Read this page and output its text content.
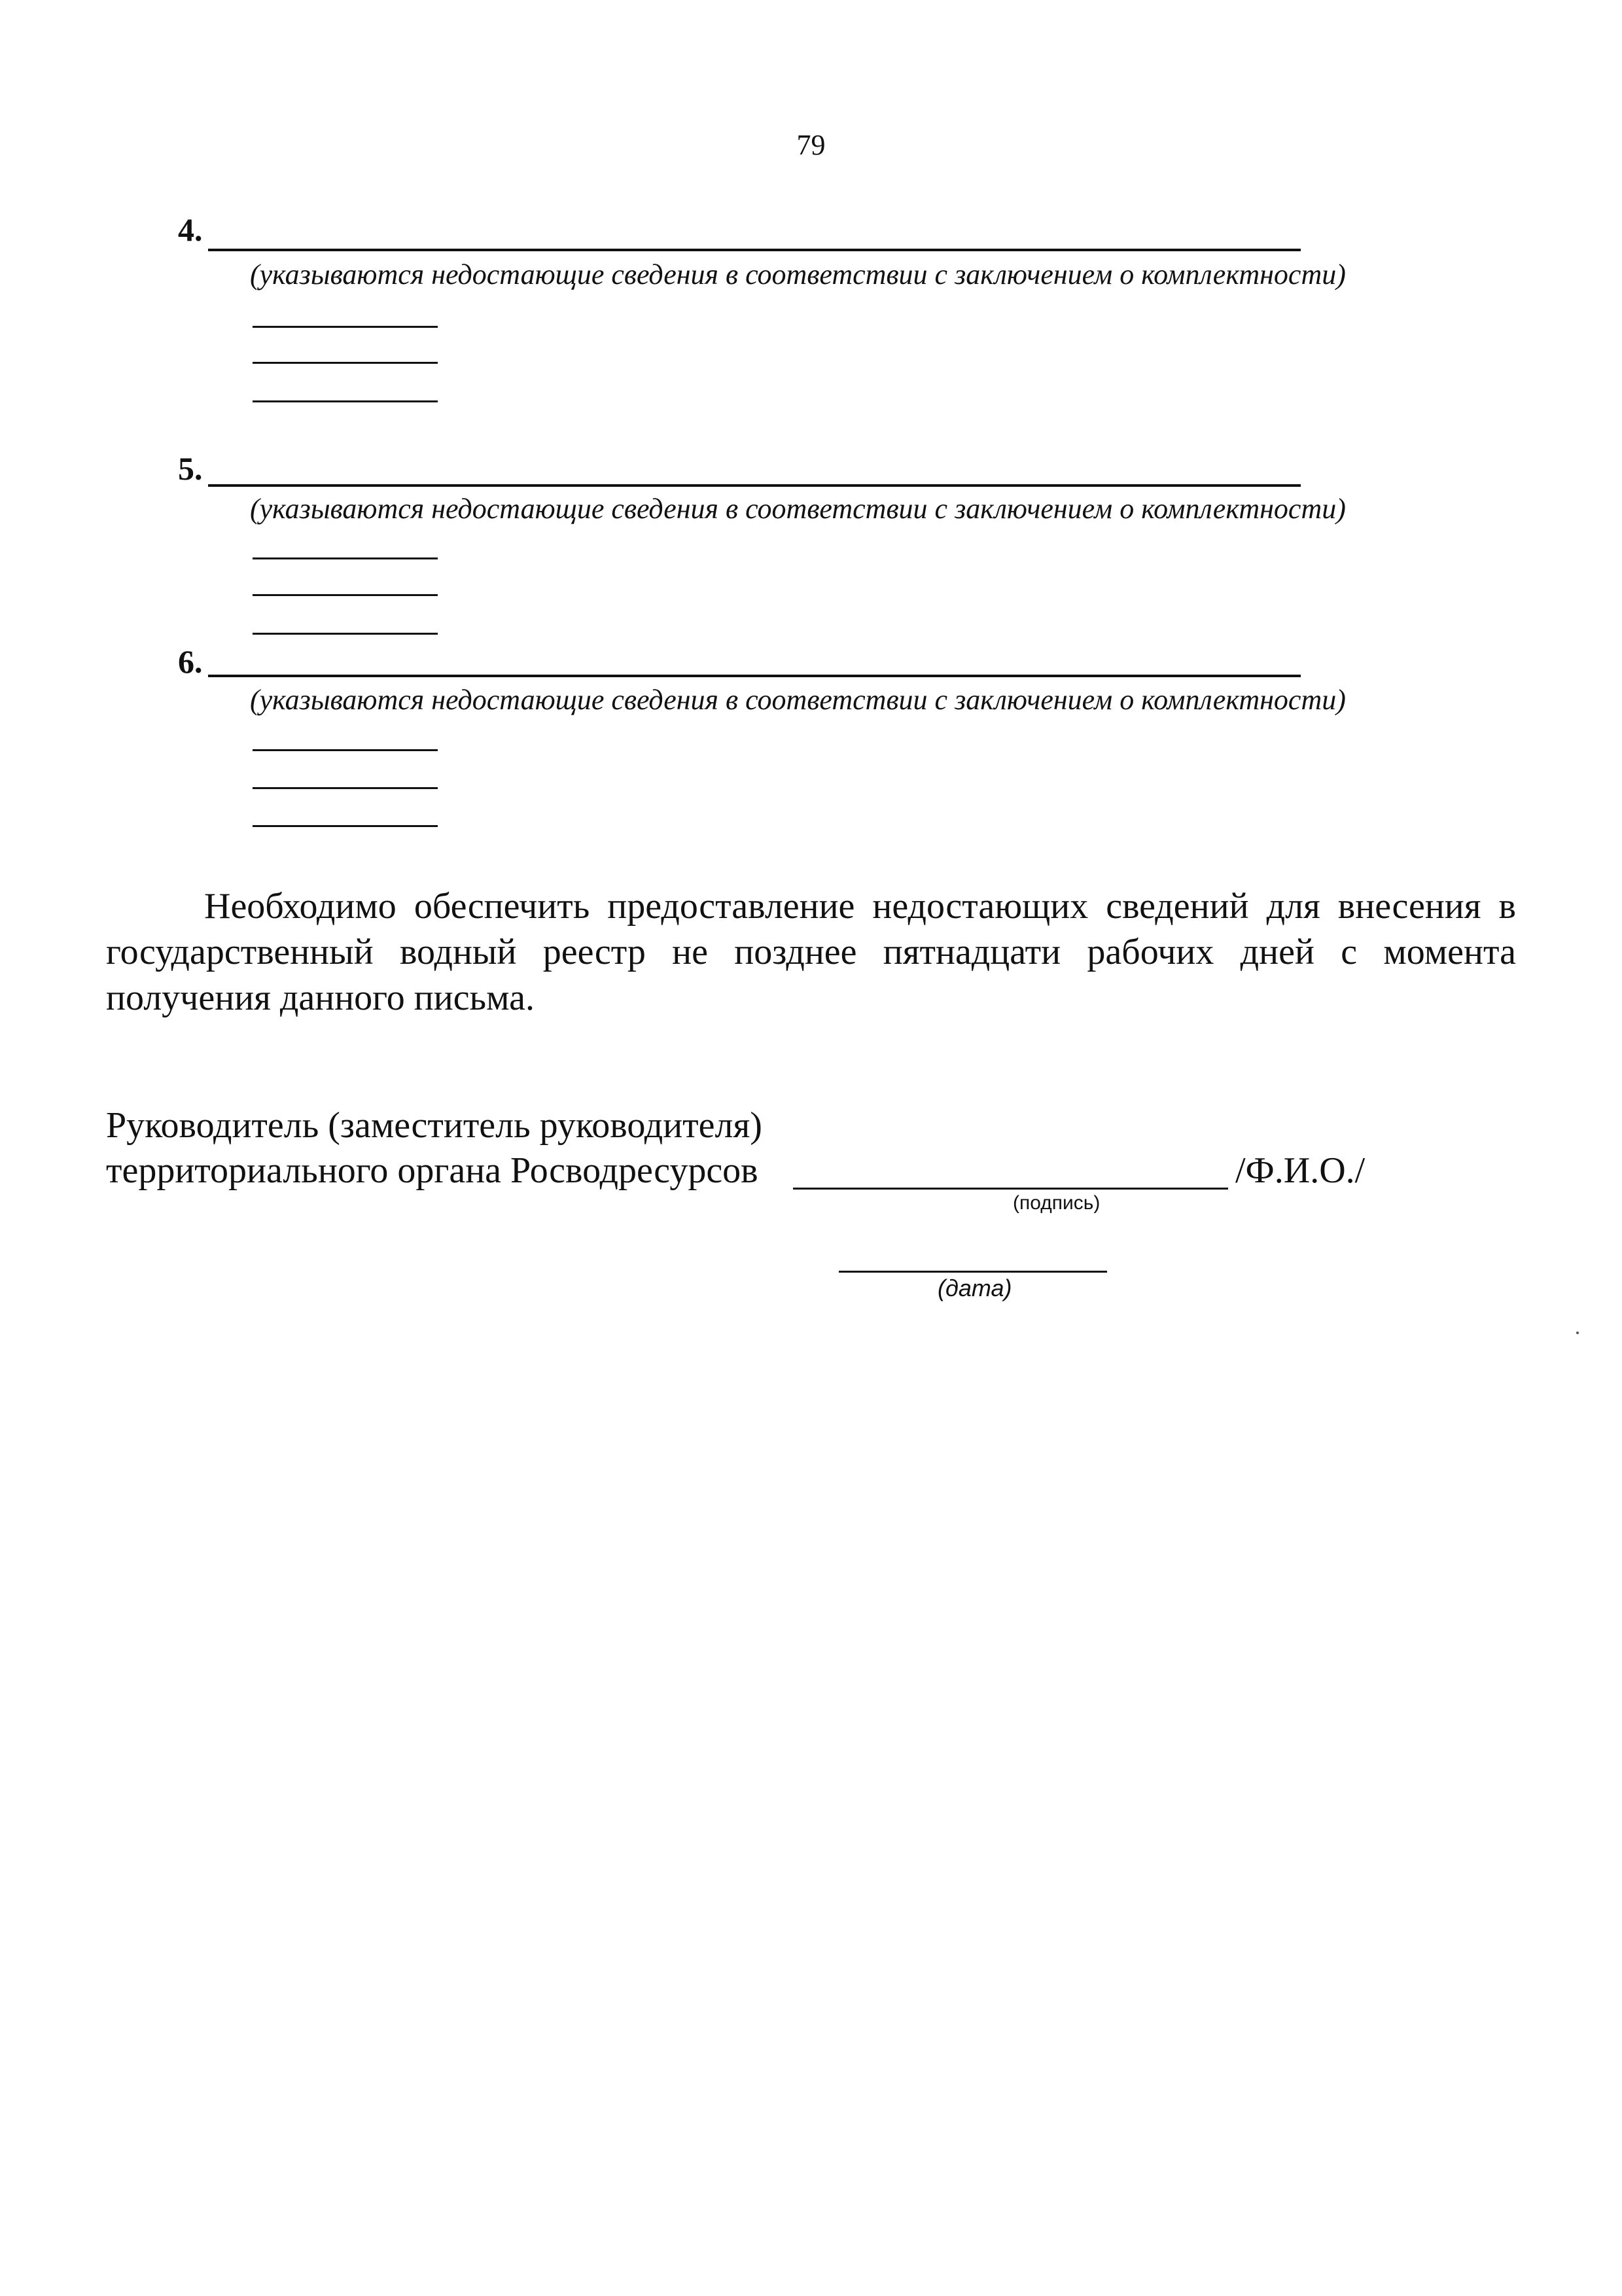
79
4.
(указываются недостающие сведения в соответствии с заключением о комплектности)
5.
(указываются недостающие сведения в соответствии с заключением о комплектности)
6.
(указываются недостающие сведения в соответствии с заключением о комплектности)
Необходимо обеспечить предоставление недостающих сведений для внесения в государственный водный реестр не позднее пятнадцати рабочих дней с момента получения данного письма.
Руководитель (заместитель руководителя)
территориального органа Росводресурсов	/Ф.И.О./
(подпись)
(дата)
